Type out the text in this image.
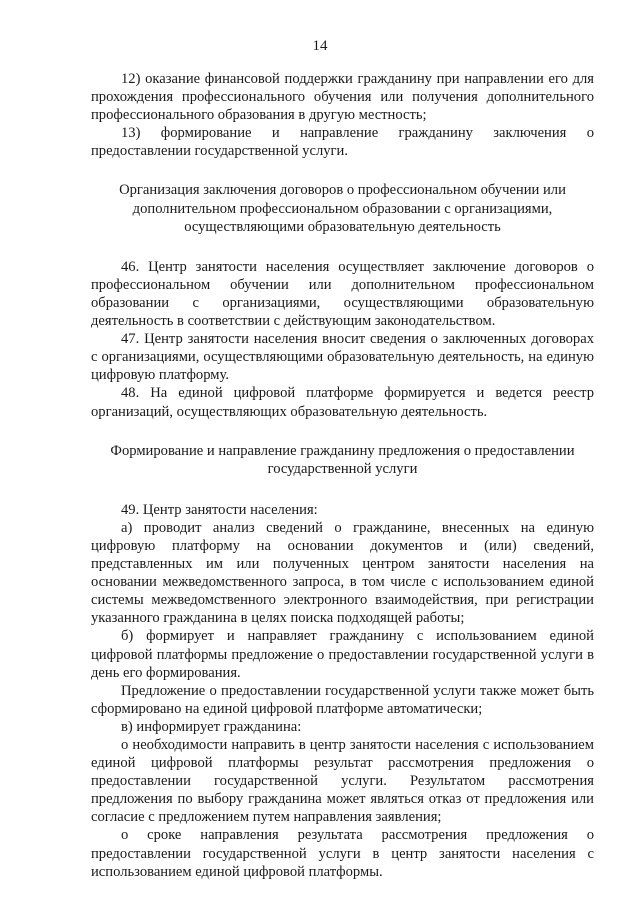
14

12) оказание финансовой поддержки гражданину при направлении его для прохождения профессионального обучения или получения дополнительного профессионального образования в другую местность;

13) формирование и направление гражданину заключения о предоставлении государственной услуги.

Организация заключения договоров о профессиональном обучении или дополнительном профессиональном образовании с организациями, осуществляющими образовательную деятельность

46. Центр занятости населения осуществляет заключение договоров о профессиональном обучении или дополнительном профессиональном образовании с организациями, осуществляющими образовательную деятельность в соответствии с действующим законодательством.

47. Центр занятости населения вносит сведения о заключенных договорах с организациями, осуществляющими образовательную деятельность, на единую цифровую платформу.

48. На единой цифровой платформе формируется и ведется реестр организаций, осуществляющих образовательную деятельность.

Формирование и направление гражданину предложения о предоставлении государственной услуги

49. Центр занятости населения:

а) проводит анализ сведений о гражданине, внесенных на единую цифровую платформу на основании документов и (или) сведений, представленных им или полученных центром занятости населения на основании межведомственного запроса, в том числе с использованием единой системы межведомственного электронного взаимодействия, при регистрации указанного гражданина в целях поиска подходящей работы;

б) формирует и направляет гражданину с использованием единой цифровой платформы предложение о предоставлении государственной услуги в день его формирования.

Предложение о предоставлении государственной услуги также может быть сформировано на единой цифровой платформе автоматически;

в) информирует гражданина:

о необходимости направить в центр занятости населения с использованием единой цифровой платформы результат рассмотрения предложения о предоставлении государственной услуги. Результатом рассмотрения предложения по выбору гражданина может являться отказ от предложения или согласие с предложением путем направления заявления;

о сроке направления результата рассмотрения предложения о предоставлении государственной услуги в центр занятости населения с использованием единой цифровой платформы.
